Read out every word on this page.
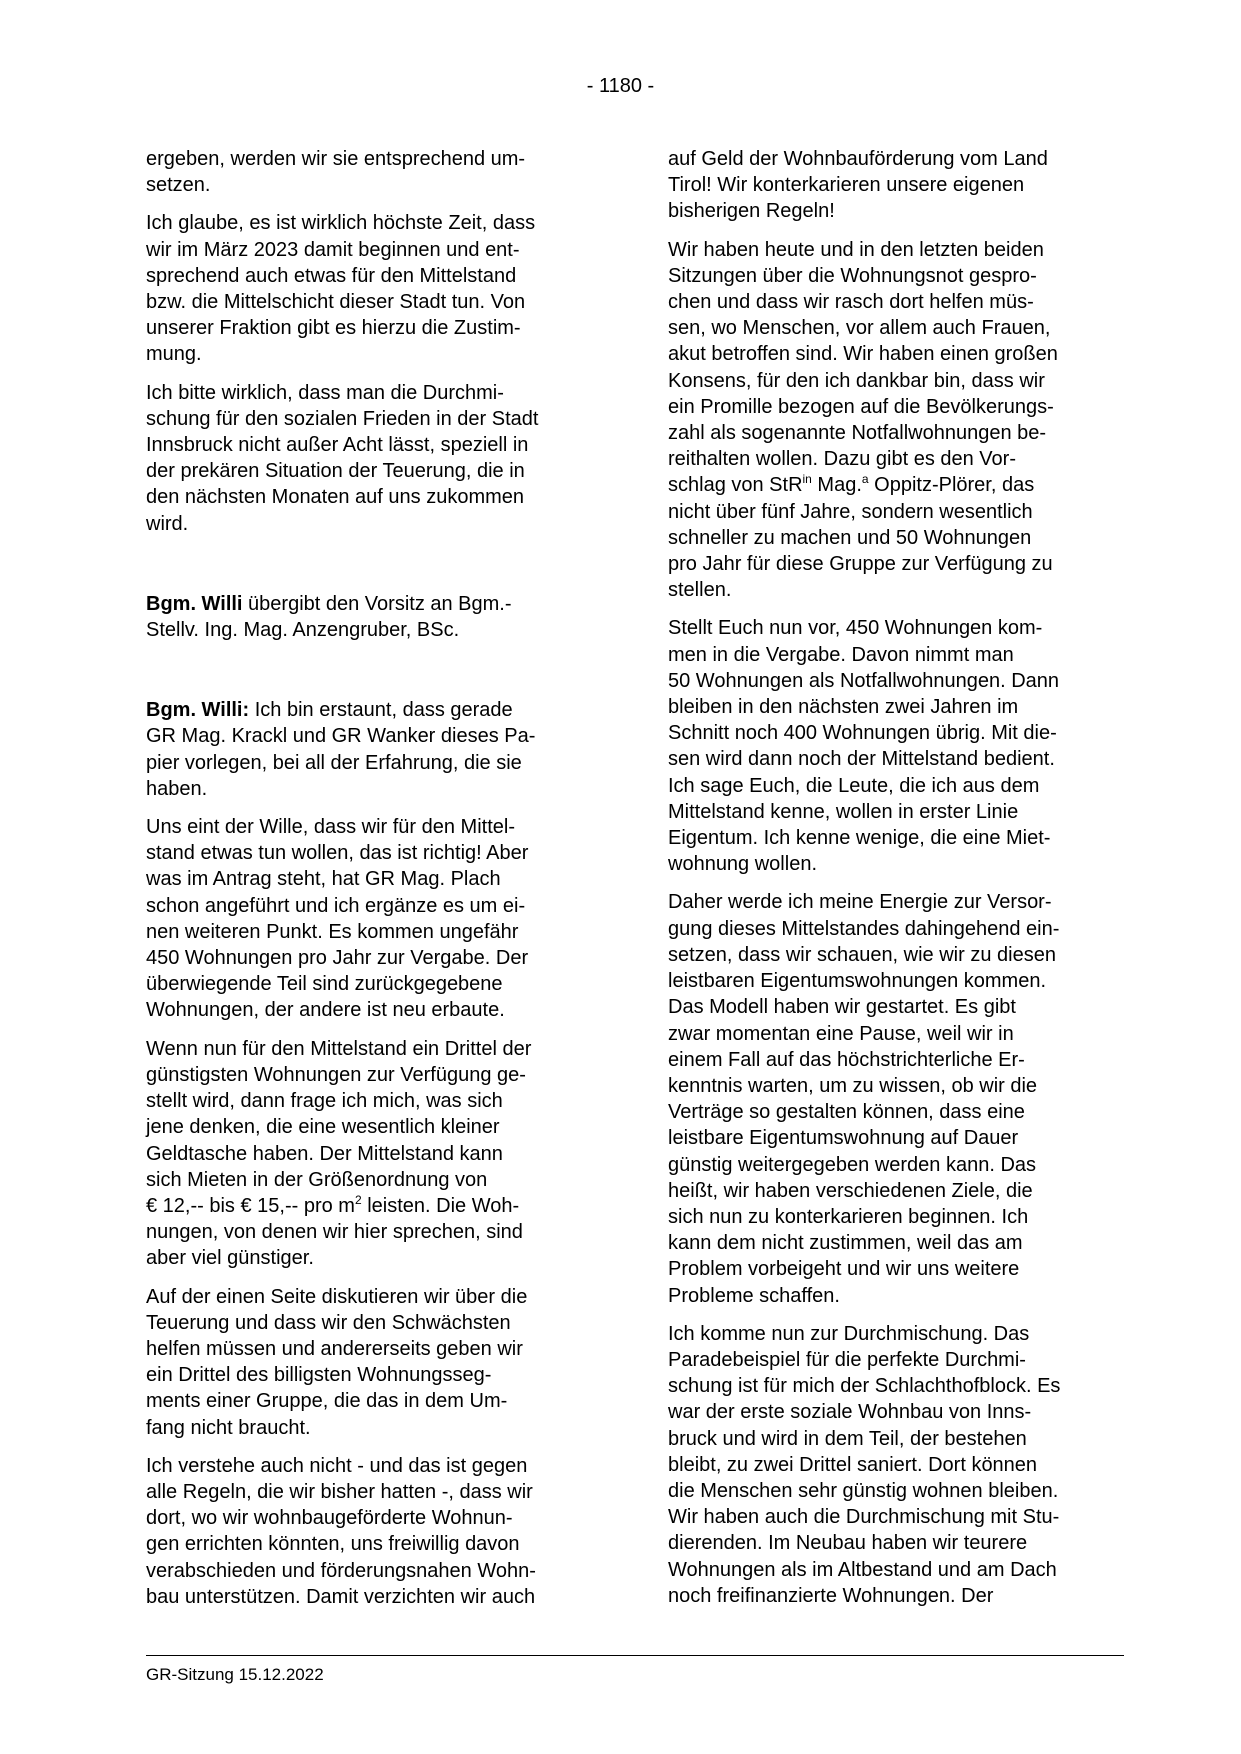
- 1180 -

ergeben, werden wir sie entsprechend um-
setzen.

Ich glaube, es ist wirklich höchste Zeit, dass
wir im März 2023 damit beginnen und ent-
sprechend auch etwas für den Mittelstand
bzw. die Mittelschicht dieser Stadt tun. Von
unserer Fraktion gibt es hierzu die Zustim-
mung.

Ich bitte wirklich, dass man die Durchmi-
schung für den sozialen Frieden in der Stadt
Innsbruck nicht außer Acht lässt, speziell in
der prekären Situation der Teuerung, die in
den nächsten Monaten auf uns zukommen
wird.

Bgm. Willi übergibt den Vorsitz an Bgm.-
Stellv. Ing. Mag. Anzengruber, BSc.

Bgm. Willi: Ich bin erstaunt, dass gerade
GR Mag. Krackl und GR Wanker dieses Pa-
pier vorlegen, bei all der Erfahrung, die sie
haben.

Uns eint der Wille, dass wir für den Mittel-
stand etwas tun wollen, das ist richtig! Aber
was im Antrag steht, hat GR Mag. Plach
schon angeführt und ich ergänze es um ei-
nen weiteren Punkt. Es kommen ungefähr
450 Wohnungen pro Jahr zur Vergabe. Der
überwiegende Teil sind zurückgegebene
Wohnungen, der andere ist neu erbaute.

Wenn nun für den Mittelstand ein Drittel der
günstigsten Wohnungen zur Verfügung ge-
stellt wird, dann frage ich mich, was sich
jene denken, die eine wesentlich kleiner
Geldtasche haben. Der Mittelstand kann
sich Mieten in der Größenordnung von
€ 12,-- bis € 15,-- pro $m^2$ leisten. Die Woh-
nungen, von denen wir hier sprechen, sind
aber viel günstiger.

Auf der einen Seite diskutieren wir über die
Teuerung und dass wir den Schwächsten
helfen müssen und andererseits geben wir
ein Drittel des billigsten Wohnungsseg-
ments einer Gruppe, die das in dem Um-
fang nicht braucht.

Ich verstehe auch nicht - und das ist gegen
alle Regeln, die wir bisher hatten -, dass wir
dort, wo wir wohnbaugeförderte Wohnun-
gen errichten könnten, uns freiwillig davon
verabschieden und förderungsnahen Wohn-
bau unterstützen. Damit verzichten wir auch

auf Geld der Wohnbauförderung vom Land
Tirol! Wir konterkarieren unsere eigenen
bisherigen Regeln!

Wir haben heute und in den letzten beiden
Sitzungen über die Wohnungsnot gespro-
chen und dass wir rasch dort helfen müs-
sen, wo Menschen, vor allem auch Frauen,
akut betroffen sind. Wir haben einen großen
Konsens, für den ich dankbar bin, dass wir
ein Promille bezogen auf die Bevölkerungs-
zahl als sogenannte Notfallwohnungen be-
reithalten wollen. Dazu gibt es den Vor-
schlag von StR$^{in}$ Mag.$^a$ Oppitz-Plörer, das
nicht über fünf Jahre, sondern wesentlich
schneller zu machen und 50 Wohnungen
pro Jahr für diese Gruppe zur Verfügung zu
stellen.

Stellt Euch nun vor, 450 Wohnungen kom-
men in die Vergabe. Davon nimmt man
50 Wohnungen als Notfallwohnungen. Dann
bleiben in den nächsten zwei Jahren im
Schnitt noch 400 Wohnungen übrig. Mit die-
sen wird dann noch der Mittelstand bedient.
Ich sage Euch, die Leute, die ich aus dem
Mittelstand kenne, wollen in erster Linie
Eigentum. Ich kenne wenige, die eine Miet-
wohnung wollen.

Daher werde ich meine Energie zur Versor-
gung dieses Mittelstandes dahingehend ein-
setzen, dass wir schauen, wie wir zu diesen
leistbaren Eigentumswohnungen kommen.
Das Modell haben wir gestartet. Es gibt
zwar momentan eine Pause, weil wir in
einem Fall auf das höchstrichterliche Er-
kenntnis warten, um zu wissen, ob wir die
Verträge so gestalten können, dass eine
leistbare Eigentumswohnung auf Dauer
günstig weitergegeben werden kann. Das
heißt, wir haben verschiedenen Ziele, die
sich nun zu konterkarieren beginnen. Ich
kann dem nicht zustimmen, weil das am
Problem vorbeigeht und wir uns weitere
Probleme schaffen.

Ich komme nun zur Durchmischung. Das
Paradebeispiel für die perfekte Durchmi-
schung ist für mich der Schlachthofblock. Es
war der erste soziale Wohnbau von Inns-
bruck und wird in dem Teil, der bestehen
bleibt, zu zwei Drittel saniert. Dort können
die Menschen sehr günstig wohnen bleiben.
Wir haben auch die Durchmischung mit Stu-
dierenden. Im Neubau haben wir teurere
Wohnungen als im Altbestand und am Dach
noch freifinanzierte Wohnungen. Der

GR-Sitzung 15.12.2022
